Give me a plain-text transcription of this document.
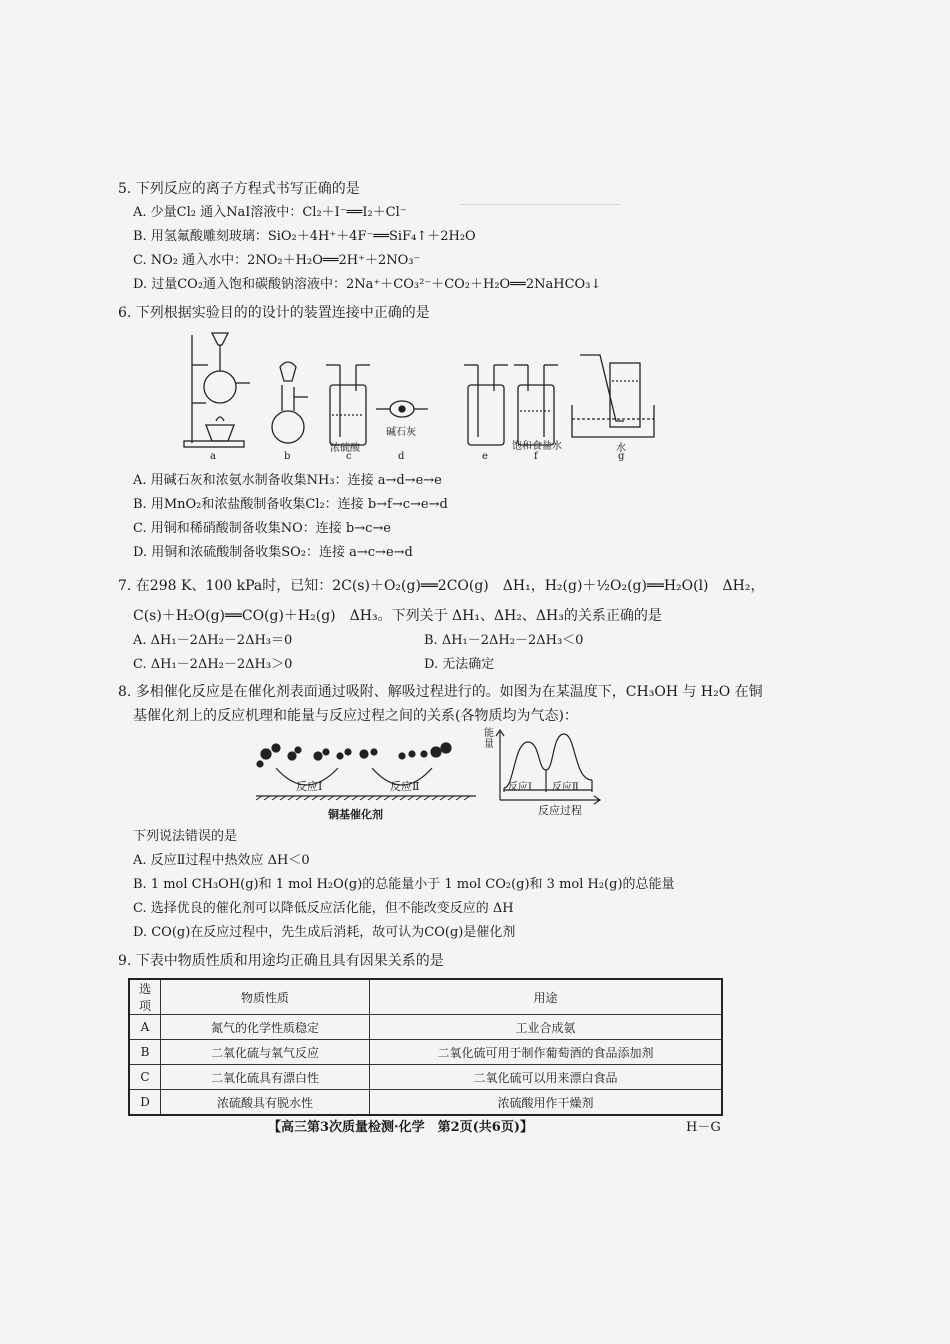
5. 下列反应的离子方程式书写正确的是
A. 少量Cl₂ 通入NaI溶液中：Cl₂＋I⁻══I₂＋Cl⁻
B. 用氢氟酸雕刻玻璃：SiO₂＋4H⁺＋4F⁻══SiF₄↑＋2H₂O
C. NO₂ 通入水中：2NO₂＋H₂O══2H⁺＋2NO₃⁻
D. 过量CO₂通入饱和碳酸钠溶液中：2Na⁺＋CO₃²⁻＋CO₂＋H₂O══2NaHCO₃↓
6. 下列根据实验目的的设计的装置连接中正确的是
a	b
浓硫酸
c
碱石灰
d	e
饱和食盐水
f
水
g
A. 用碱石灰和浓氨水制备收集NH₃：连接 a→d→e→e
B. 用MnO₂和浓盐酸制备收集Cl₂：连接 b→f→c→e→d
C. 用铜和稀硝酸制备收集NO：连接 b→c→e
D. 用铜和浓硫酸制备收集SO₂：连接 a→c→e→d
7. 在298 K、100 kPa时，已知：2C(s)＋O₂(g)══2CO(g)　ΔH₁，H₂(g)＋½O₂(g)══H₂O(l)　ΔH₂，
C(s)＋H₂O(g)══CO(g)＋H₂(g)　ΔH₃。下列关于 ΔH₁、ΔH₂、ΔH₃的关系正确的是
A. ΔH₁－2ΔH₂－2ΔH₃＝0	B. ΔH₁－2ΔH₂－2ΔH₃＜0
C. ΔH₁－2ΔH₂－2ΔH₃＞0	D. 无法确定
8. 多相催化反应是在催化剂表面通过吸附、解吸过程进行的。如图为在某温度下，CH₃OH 与 H₂O 在铜
基催化剂上的反应机理和能量与反应过程之间的关系(各物质均为气态)：
反应Ⅰ	反应Ⅱ
铜基催化剂
能量
反应Ⅰ 反应Ⅱ
反应过程
下列说法错误的是
A. 反应Ⅱ过程中热效应 ΔH＜0
B. 1 mol CH₃OH(g)和 1 mol H₂O(g)的总能量小于 1 mol CO₂(g)和 3 mol H₂(g)的总能量
C. 选择优良的催化剂可以降低反应活化能，但不能改变反应的 ΔH
D. CO(g)在反应过程中，先生成后消耗，故可认为CO(g)是催化剂
9. 下表中物质性质和用途均正确且具有因果关系的是
选项	物质性质	用途
A	氮气的化学性质稳定	工业合成氨
B	二氧化硫与氧气反应	二氧化硫可用于制作葡萄酒的食品添加剂
C	二氧化硫具有漂白性	二氧化硫可以用来漂白食品
D	浓硫酸具有脱水性	浓硫酸用作干燥剂
【高三第3次质量检测·化学　第2页(共6页)】	H－G
